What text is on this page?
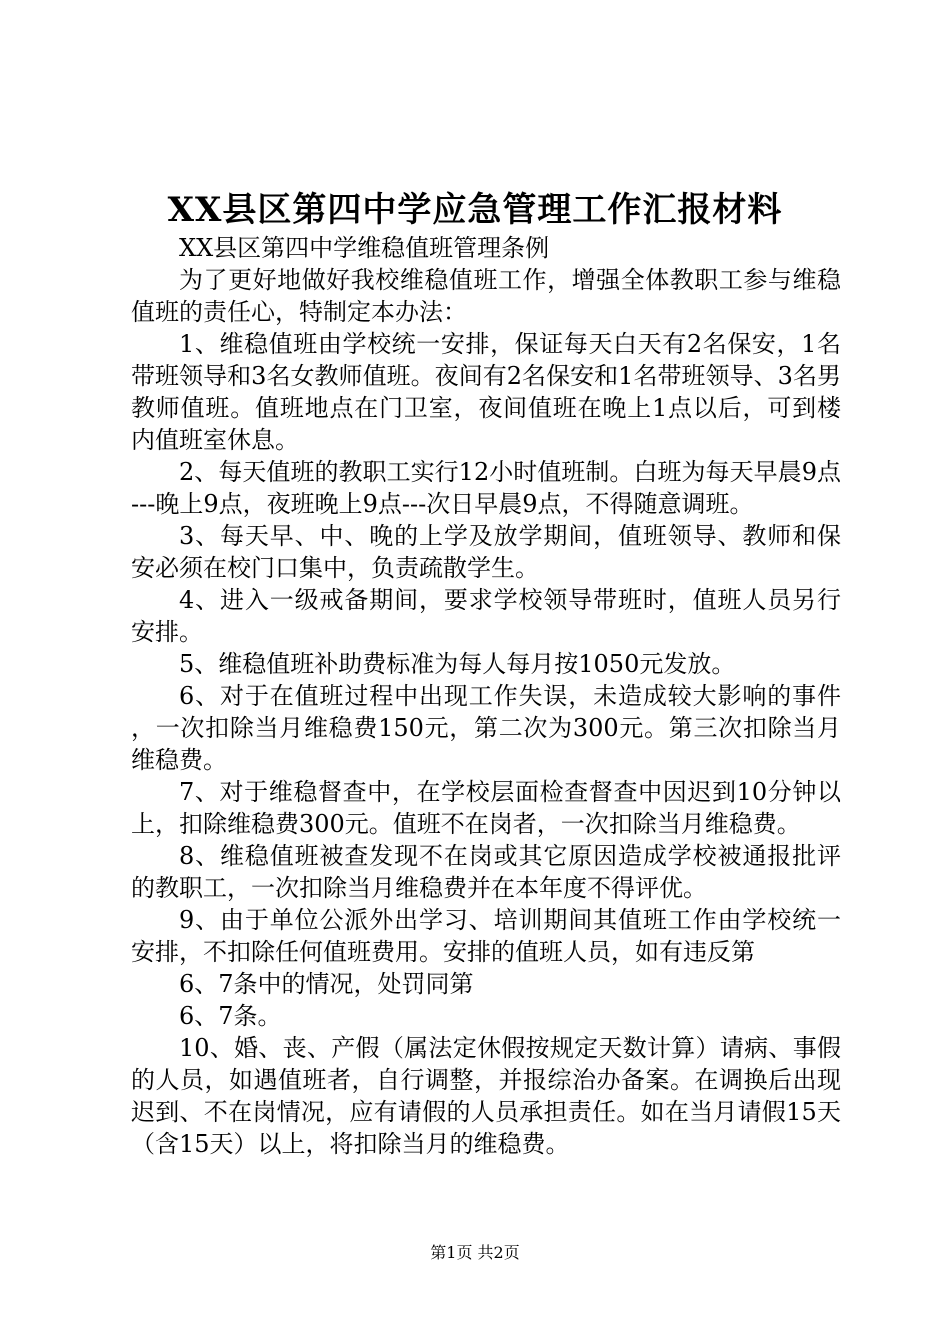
XX县区第四中学应急管理工作汇报材料

XX县区第四中学维稳值班管理条例

为了更好地做好我校维稳值班工作，增强全体教职工参与维稳值班的责任心，特制定本办法：

1、维稳值班由学校统一安排，保证每天白天有2名保安，1名带班领导和3名女教师值班。夜间有2名保安和1名带班领导、3名男教师值班。值班地点在门卫室，夜间值班在晚上1点以后，可到楼内值班室休息。

2、每天值班的教职工实行12小时值班制。白班为每天早晨9点---晚上9点，夜班晚上9点---次日早晨9点，不得随意调班。

3、每天早、中、晚的上学及放学期间，值班领导、教师和保安必须在校门口集中，负责疏散学生。

4、进入一级戒备期间，要求学校领导带班时，值班人员另行安排。

5、维稳值班补助费标准为每人每月按1050元发放。

6、对于在值班过程中出现工作失误，未造成较大影响的事件，一次扣除当月维稳费150元，第二次为300元。第三次扣除当月维稳费。

7、对于维稳督查中，在学校层面检查督查中因迟到10分钟以上，扣除维稳费300元。值班不在岗者，一次扣除当月维稳费。

8、维稳值班被查发现不在岗或其它原因造成学校被通报批评的教职工，一次扣除当月维稳费并在本年度不得评优。

9、由于单位公派外出学习、培训期间其值班工作由学校统一安排，不扣除任何值班费用。安排的值班人员，如有违反第

6、7条中的情况，处罚同第

6、7条。

10、婚、丧、产假（属法定休假按规定天数计算）请病、事假的人员，如遇值班者，自行调整，并报综治办备案。在调换后出现迟到、不在岗情况，应有请假的人员承担责任。如在当月请假15天（含15天）以上，将扣除当月的维稳费。

第1页 共2页
